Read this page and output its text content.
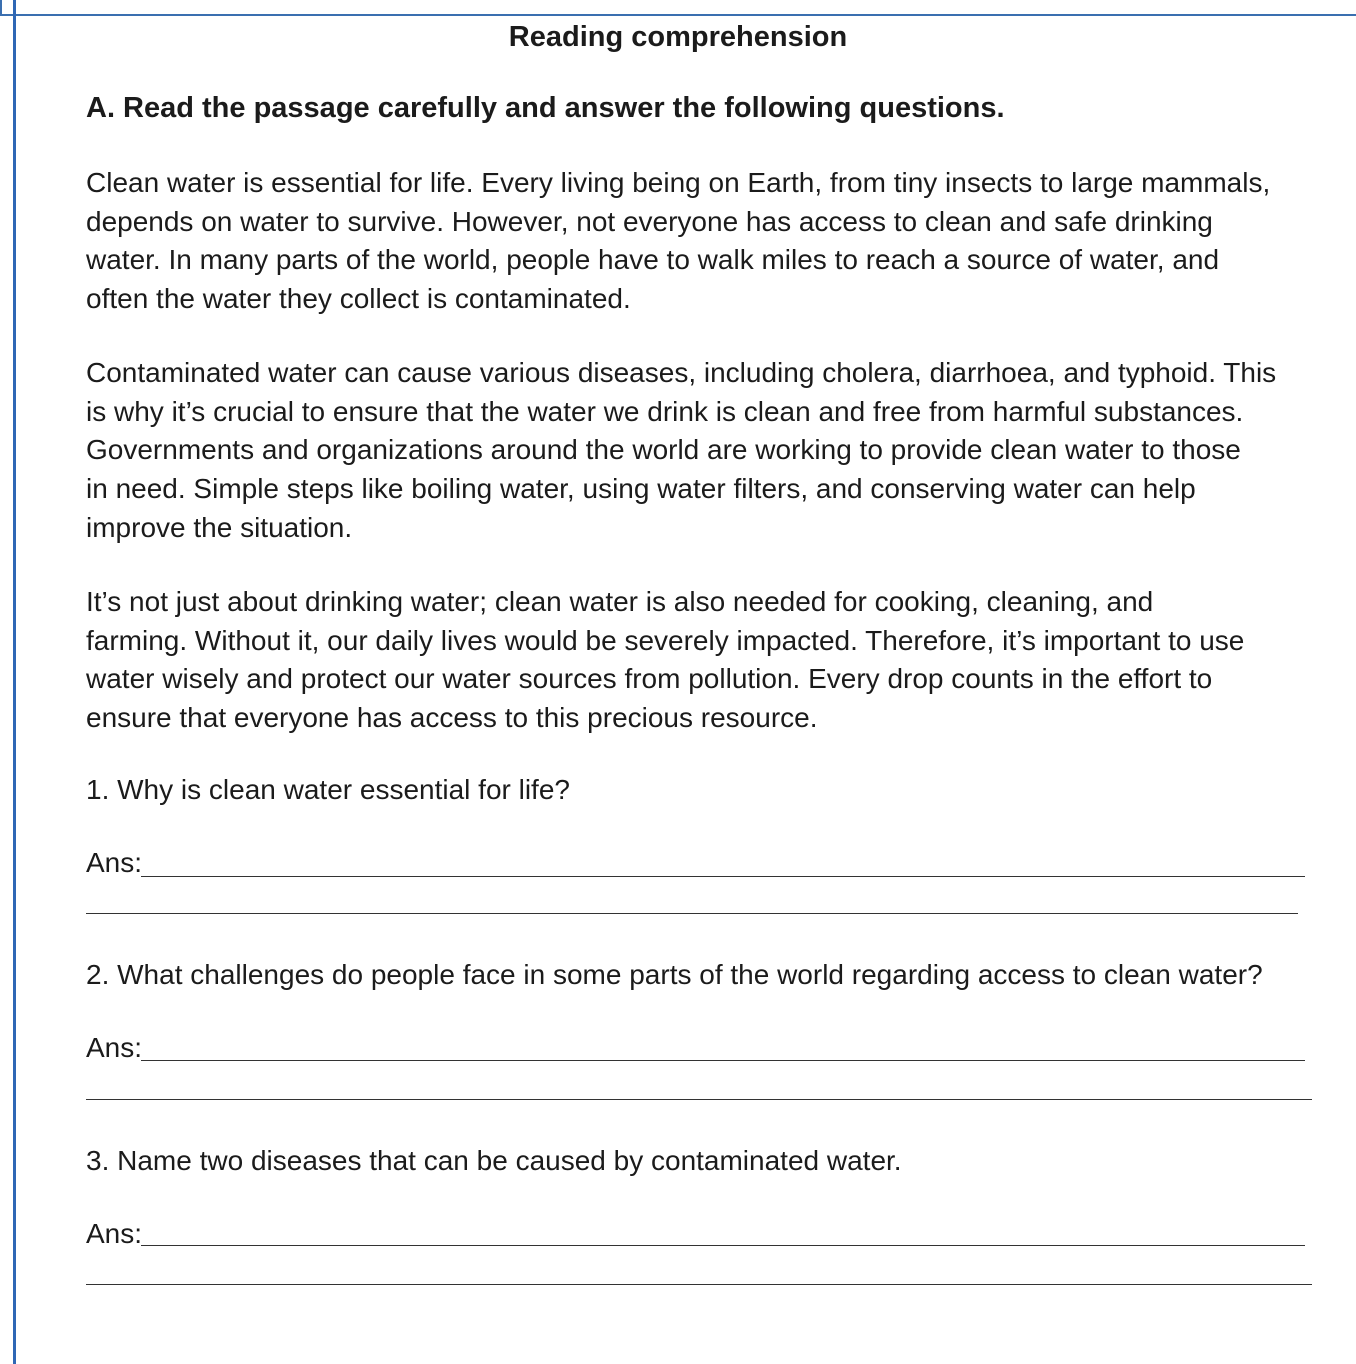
Reading comprehension
A. Read the passage carefully and answer the following questions.

Clean water is essential for life. Every living being on Earth, from tiny insects to large mammals,
depends on water to survive. However, not everyone has access to clean and safe drinking
water. In many parts of the world, people have to walk miles to reach a source of water, and
often the water they collect is contaminated.

Contaminated water can cause various diseases, including cholera, diarrhoea, and typhoid. This
is why it’s crucial to ensure that the water we drink is clean and free from harmful substances.
Governments and organizations around the world are working to provide clean water to those
in need. Simple steps like boiling water, using water filters, and conserving water can help
improve the situation.

It’s not just about drinking water; clean water is also needed for cooking, cleaning, and
farming. Without it, our daily lives would be severely impacted. Therefore, it’s important to use
water wisely and protect our water sources from pollution. Every drop counts in the effort to
ensure that everyone has access to this precious resource.

1. Why is clean water essential for life?

Ans:

2. What challenges do people face in some parts of the world regarding access to clean water?

Ans:

3. Name two diseases that can be caused by contaminated water.

Ans:
